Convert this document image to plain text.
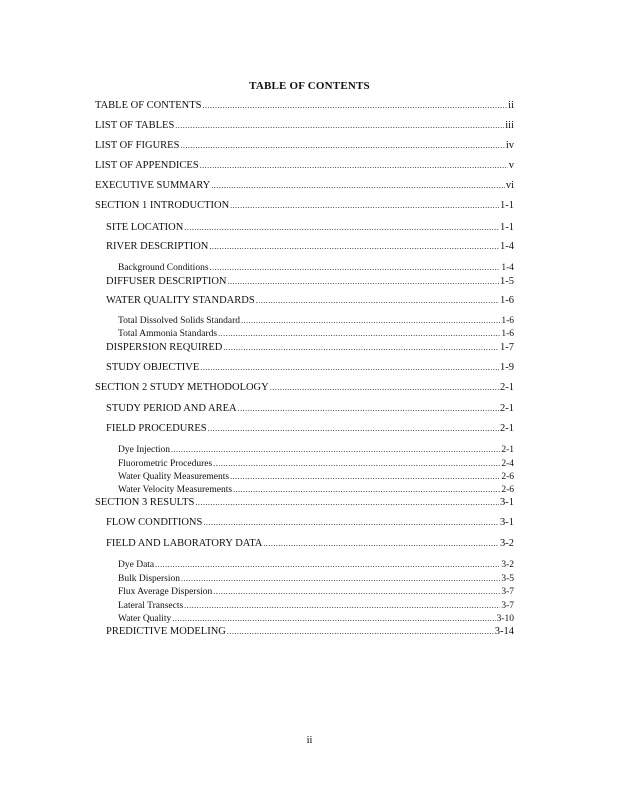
TABLE OF CONTENTS
TABLE OF CONTENTS .....	ii
LIST OF TABLES .....	iii
LIST OF FIGURES .....	iv
LIST OF APPENDICES .....	v
EXECUTIVE SUMMARY .....	vi
SECTION 1 INTRODUCTION .....	1-1
SITE LOCATION .....	1-1
RIVER DESCRIPTION .....	1-4
Background Conditions .....	1-4
DIFFUSER DESCRIPTION .....	1-5
WATER QUALITY STANDARDS .....	1-6
Total Dissolved Solids Standard .....	1-6
Total Ammonia Standards .....	1-6
DISPERSION REQUIRED .....	1-7
STUDY OBJECTIVE .....	1-9
SECTION 2 STUDY METHODOLOGY .....	2-1
STUDY PERIOD AND AREA .....	2-1
FIELD PROCEDURES .....	2-1
Dye Injection .....	2-1
Fluorometric Procedures .....	2-4
Water Quality Measurements .....	2-6
Water Velocity Measurements .....	2-6
SECTION 3 RESULTS .....	3-1
FLOW CONDITIONS .....	3-1
FIELD AND LABORATORY DATA .....	3-2
Dye Data .....	3-2
Bulk Dispersion .....	3-5
Flux Average Dispersion .....	3-7
Lateral Transects .....	3-7
Water Quality .....	3-10
PREDICTIVE MODELING .....	3-14
ii
